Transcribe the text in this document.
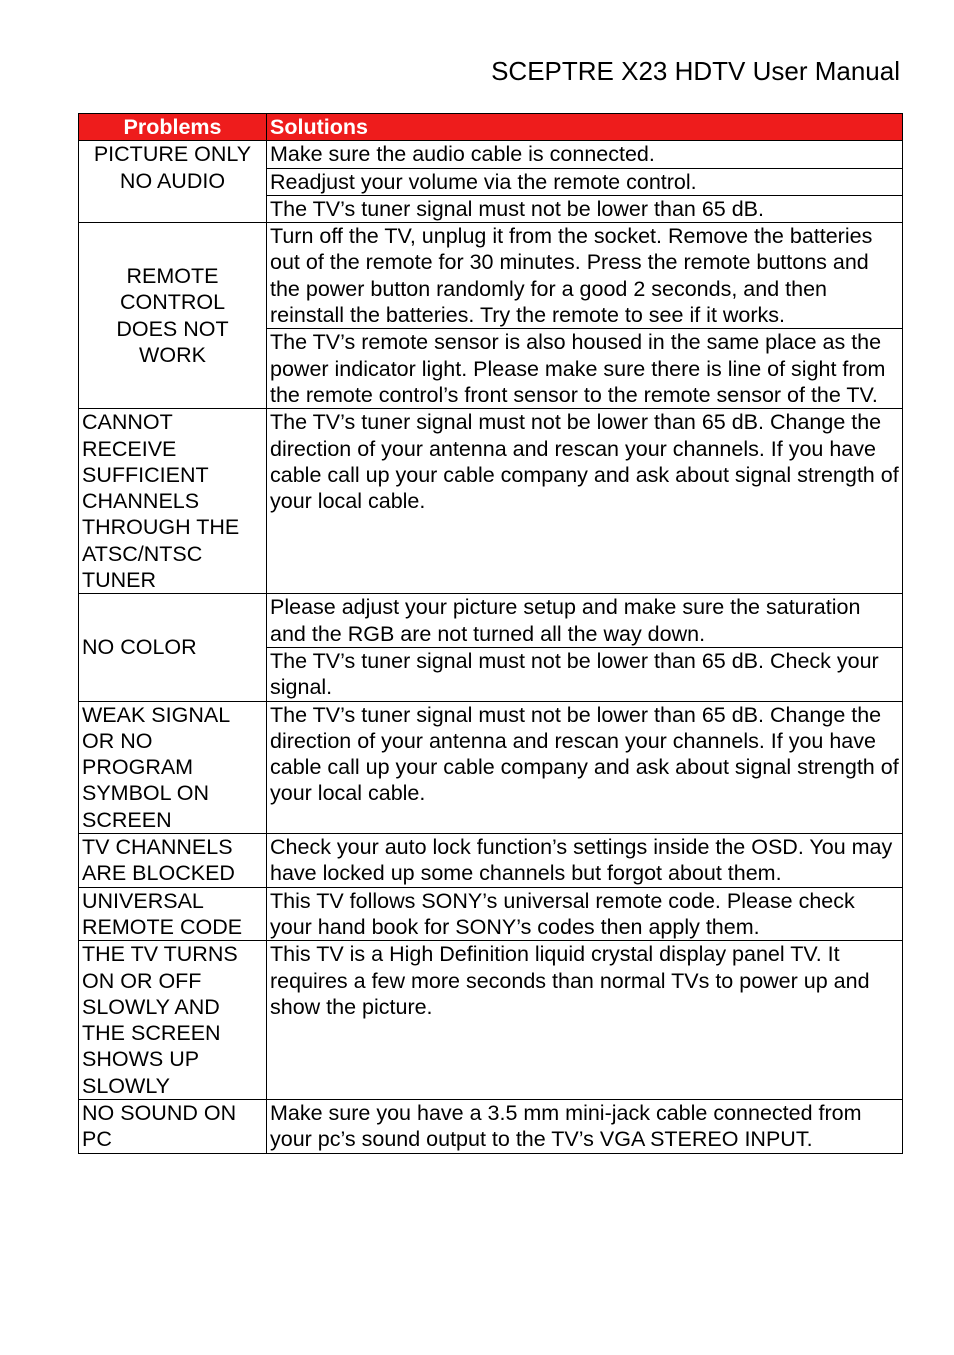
SCEPTRE X23 HDTV User Manual
Problems	Solutions
PICTURE ONLY NO AUDIO	Make sure the audio cable is connected.
	Readjust your volume via the remote control.
	The TV’s tuner signal must not be lower than 65 dB.
REMOTE CONTROL DOES NOT WORK	Turn off the TV, unplug it from the socket. Remove the batteries out of the remote for 30 minutes. Press the remote buttons and the power button randomly for a good 2 seconds, and then reinstall the batteries. Try the remote to see if it works.
	The TV’s remote sensor is also housed in the same place as the power indicator light. Please make sure there is line of sight from the remote control’s front sensor to the remote sensor of the TV.
CANNOT RECEIVE SUFFICIENT CHANNELS THROUGH THE ATSC/NTSC TUNER	The TV’s tuner signal must not be lower than 65 dB. Change the direction of your antenna and rescan your channels. If you have cable call up your cable company and ask about signal strength of your local cable.
NO COLOR	Please adjust your picture setup and make sure the saturation and the RGB are not turned all the way down.
	The TV’s tuner signal must not be lower than 65 dB. Check your signal.
WEAK SIGNAL OR NO PROGRAM SYMBOL ON SCREEN	The TV’s tuner signal must not be lower than 65 dB. Change the direction of your antenna and rescan your channels. If you have cable call up your cable company and ask about signal strength of your local cable.
TV CHANNELS ARE BLOCKED	Check your auto lock function’s settings inside the OSD. You may have locked up some channels but forgot about them.
UNIVERSAL REMOTE CODE	This TV follows SONY’s universal remote code. Please check your hand book for SONY’s codes then apply them.
THE TV TURNS ON OR OFF SLOWLY AND THE SCREEN SHOWS UP SLOWLY	This TV is a High Definition liquid crystal display panel TV. It requires a few more seconds than normal TVs to power up and show the picture.
NO SOUND ON PC	Make sure you have a 3.5 mm mini-jack cable connected from your pc’s sound output to the TV’s VGA STEREO INPUT.
